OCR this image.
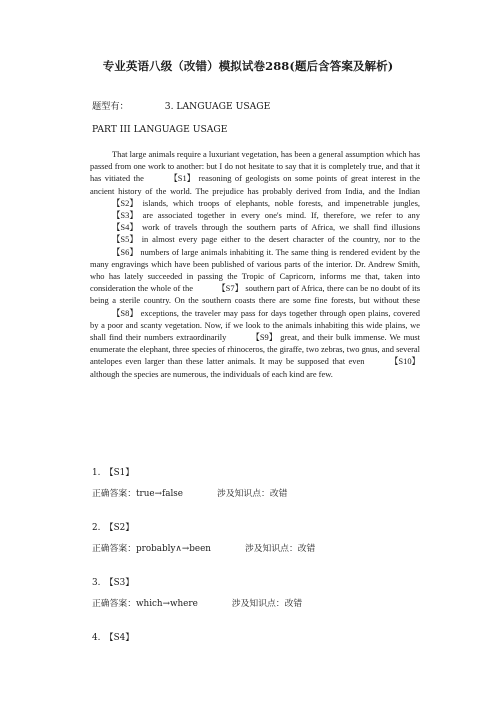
专业英语八级（改错）模拟试卷288(题后含答案及解析)
题型有：	3. LANGUAGE USAGE
PART III LANGUAGE USAGE

That large animals require a luxuriant vegetation, has been a general assumption which has passed from one work to another: but I do not hesitate to say that it is completely true, and that it has vitiated the	【S1】 reasoning of geologists on some points of great interest in the ancient history of the world. The prejudice has probably derived from India, and the Indian 【S2】 islands, which troops of elephants, noble forests, and impenetrable jungles, 【S3】 are associated together in every one's mind. If, therefore, we refer to any 【S4】 work of travels through the southern parts of Africa, we shall find illusions 【S5】 in almost every page either to the desert character of the country, nor to the 【S6】 numbers of large animals inhabiting it. The same thing is rendered evident by the many engravings which have been published of various parts of the interior. Dr. Andrew Smith, who has lately succeeded in passing the Tropic of Capricorn, informs me that, taken into consideration the whole of the	【S7】 southern part of Africa, there can be no doubt of its being a sterile country. On the southern coasts there are some fine forests, but without these 【S8】 exceptions, the traveler may pass for days together through open plains, covered by a poor and scanty vegetation. Now, if we look to the animals inhabiting this wide plains, we shall find their numbers extraordinarily	【S9】 great, and their bulk immense. We must enumerate the elephant, three species of rhinoceros, the giraffe, two zebras, two gnus, and several antelopes even larger than these latter animals. It may be supposed that even	【S10】 although the species are numerous, the individuals of each kind are few.

1.　【S1】
正确答案：true→false	涉及知识点：改错
2.　【S2】
正确答案：probably∧→been	涉及知识点：改错
3.　【S3】
正确答案：which→where	涉及知识点：改错
4.　【S4】
